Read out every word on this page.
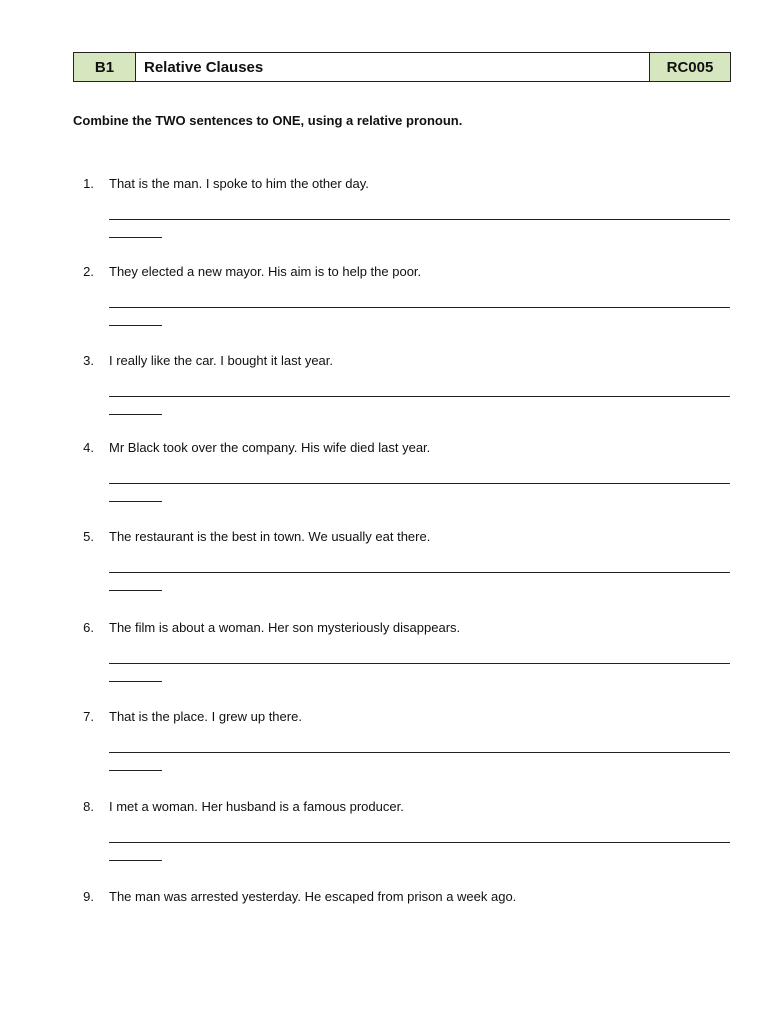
B1	Relative Clauses	RC005
Combine the TWO sentences to ONE, using a relative pronoun.
1. That is the man. I spoke to him the other day.
2. They elected a new mayor. His aim is to help the poor.
3. I really like the car. I bought it last year.
4. Mr Black took over the company. His wife died last year.
5. The restaurant is the best in town. We usually eat there.
6. The film is about a woman. Her son mysteriously disappears.
7. That is the place. I grew up there.
8. I met a woman. Her husband is a famous producer.
9. The man was arrested yesterday. He escaped from prison a week ago.
